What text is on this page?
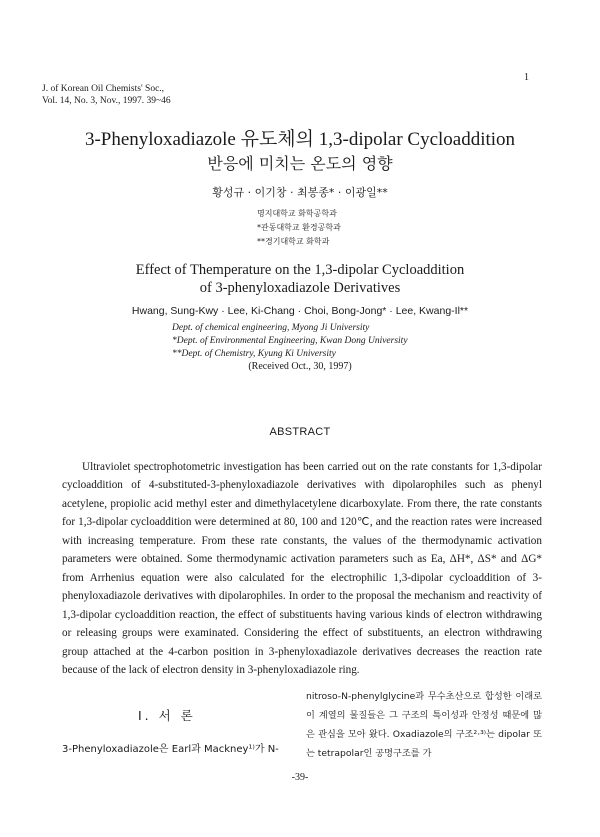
J. of Korean Oil Chemists' Soc.,
Vol. 14, No. 3, Nov., 1997. 39~46
1
3-Phenyloxadiazole 유도체의 1,3-dipolar Cycloaddition
반응에 미치는 온도의 영향
황성규 · 이기창 · 최봉종* · 이광일**
명지대학교 화학공학과
*관동대학교 환경공학과
**경기대학교 화학과
Effect of Themperature on the 1,3-dipolar Cycloaddition
of 3-phenyloxadiazole Derivatives
Hwang, Sung-Kwy · Lee, Ki-Chang · Choi, Bong-Jong* · Lee, Kwang-Il**
Dept. of chemical engineering, Myong Ji University
*Dept. of Environmental Engineering, Kwan Dong University
**Dept. of Chemistry, Kyung Ki University
(Received Oct., 30, 1997)
ABSTRACT
Ultraviolet spectrophotometric investigation has been carried out on the rate constants for 1,3-dipolar cycloaddition of 4-substituted-3-phenyloxadiazole derivatives with dipolarophiles such as phenyl acetylene, propiolic acid methyl ester and dimethylacetylene dicarboxylate. From there, the rate constants for 1,3-dipolar cycloaddition were determined at 80, 100 and 120℃, and the reaction rates were increased with increasing temperature. From these rate constants, the values of the thermodynamic activation parameters were obtained. Some thermodynamic activation parameters such as Ea, ΔH*, ΔS* and ΔG* from Arrhenius equation were also calculated for the electrophilic 1,3-dipolar cycloaddition of 3-phenyloxadiazole derivatives with dipolarophiles. In order to the proposal the mechanism and reactivity of 1,3-dipolar cycloaddition reaction, the effect of substituents having various kinds of electron withdrawing or releasing groups were examinated. Considering the effect of substituents, an electron withdrawing group attached at the 4-carbon position in 3-phenyloxadiazole derivatives decreases the reaction rate because of the lack of electron density in 3-phenyloxadiazole ring.
I. 서 론
3-Phenyloxadiazole은 Earl과 Mackney¹⁾가 N-
nitroso-N-phenylglycine과 무수초산으로 합성한 이래로 이 계열의 물질들은 그 구조의 특이성과 안정성 때문에 많은 관심을 모아 왔다. Oxadiazole의 구조²·³⁾는 dipolar 또는 tetrapolar인 공명구조를 가
-39-
